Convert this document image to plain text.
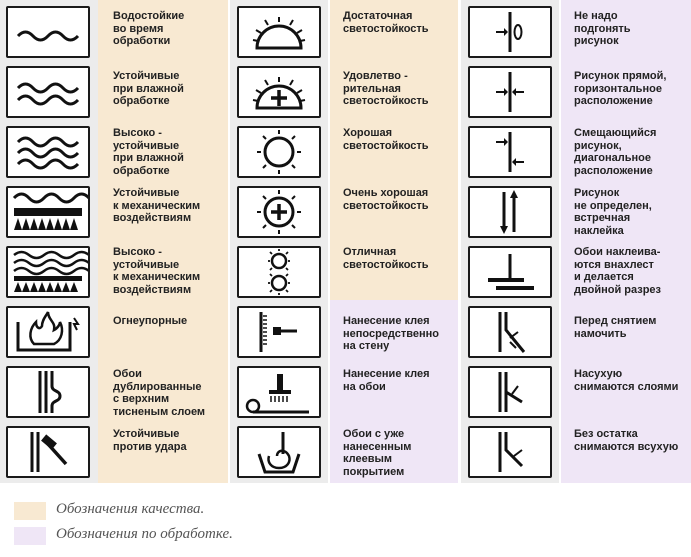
Водостойкие
во время
обработки
Устойчивые
при влажной
обработке
Высоко -
устойчивые
при влажной
обработке
Устойчивые
к механическим
воздействиям
Высоко -
устойчивые
к механическим
воздействиям
Огнеупорные
Обои
дублированные
с верхним
тисненым слоем
Устойчивые
против удара
Достаточная
светостойкость
Удовлетво -
рительная
светостойкость
Хорошая
светостойкость
Очень хорошая
светостойкость
Отличная
светостойкость
Нанесение клея
непосредственно
на стену
Нанесение клея
на обои
Обои с уже
нанесенным
клеевым
покрытием
Не надо
подгонять
рисунок
Рисунок прямой,
горизонтальное
расположение
Смещающийся
рисунок,
диагональное
расположение
Рисунок
не определен,
встречная
наклейка
Обои наклеива-
ются внахлест
и делается
двойной разрез
Перед снятием
намочить
Насухую
снимаются слоями
Без остатка
снимаются всухую
Обозначения качества.
Обозначения по обработке.
